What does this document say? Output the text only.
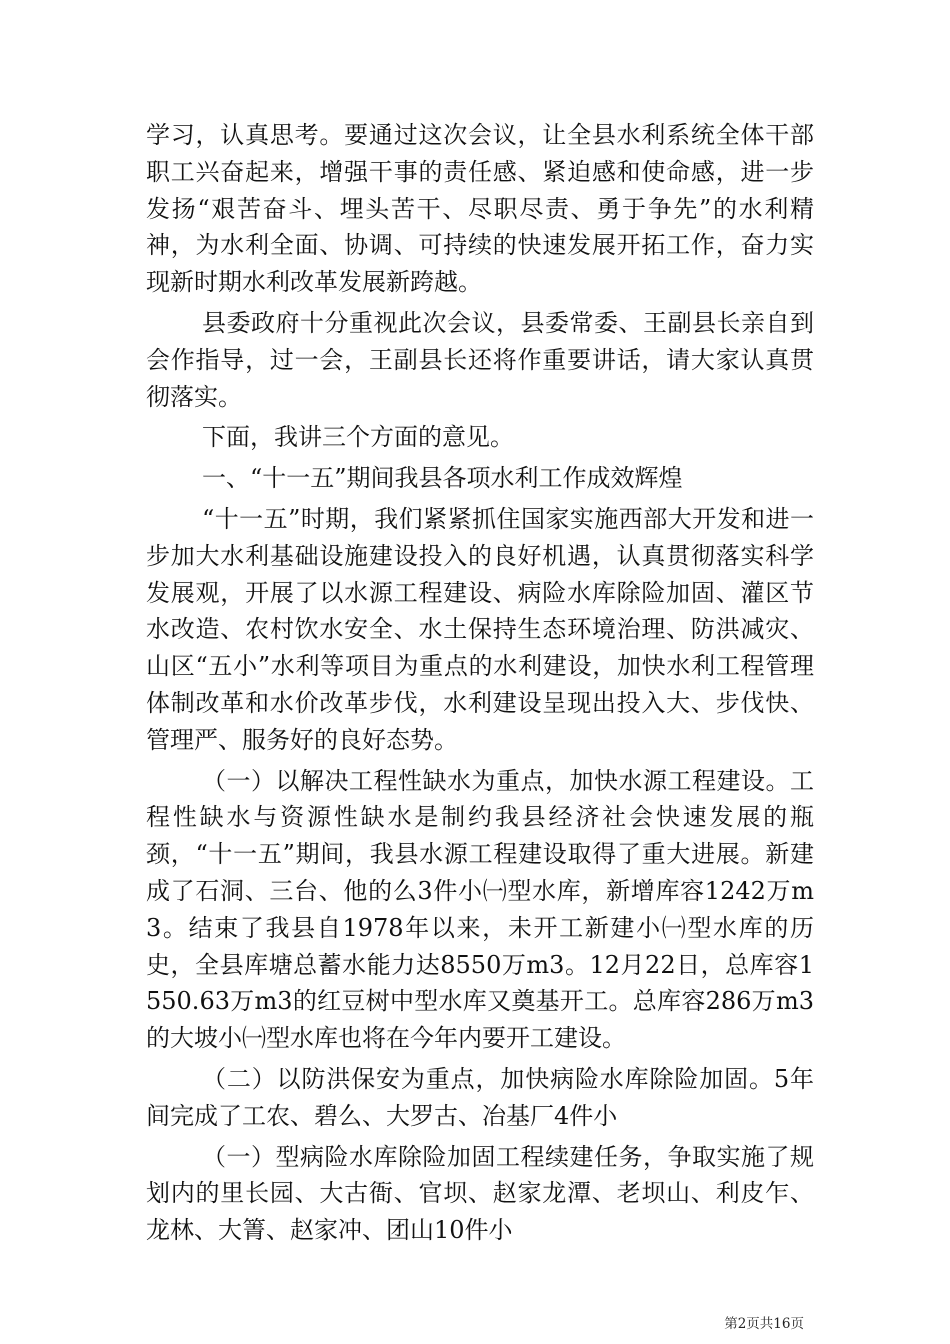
学习，认真思考。要通过这次会议，让全县水利系统全体干部职工兴奋起来，增强干事的责任感、紧迫感和使命感，进一步发扬“艰苦奋斗、埋头苦干、尽职尽责、勇于争先”的水利精神，为水利全面、协调、可持续的快速发展开拓工作，奋力实现新时期水利改革发展新跨越。

县委政府十分重视此次会议，县委常委、王副县长亲自到会作指导，过一会，王副县长还将作重要讲话，请大家认真贯彻落实。

下面，我讲三个方面的意见。

一、“十一五”期间我县各项水利工作成效辉煌

“十一五”时期，我们紧紧抓住国家实施西部大开发和进一步加大水利基础设施建设投入的良好机遇，认真贯彻落实科学发展观，开展了以水源工程建设、病险水库除险加固、灌区节水改造、农村饮水安全、水土保持生态环境治理、防洪减灾、山区“五小”水利等项目为重点的水利建设，加快水利工程管理体制改革和水价改革步伐，水利建设呈现出投入大、步伐快、管理严、服务好的良好态势。

（一）以解决工程性缺水为重点，加快水源工程建设。工程性缺水与资源性缺水是制约我县经济社会快速发展的瓶颈，“十一五”期间，我县水源工程建设取得了重大进展。新建成了石洞、三台、他的么3件小㈠型水库，新增库容1242万m3。结束了我县自1978年以来，未开工新建小㈠型水库的历史，全县库塘总蓄水能力达8550万m3。12月22日，总库容1550.63万m3的红豆树中型水库又奠基开工。总库容286万m3的大坡小㈠型水库也将在今年内要开工建设。

（二）以防洪保安为重点，加快病险水库除险加固。5年间完成了工农、碧么、大罗古、冶基厂4件小

（一）型病险水库除险加固工程续建任务，争取实施了规划内的里长园、大古衙、官坝、赵家龙潭、老坝山、利皮乍、龙林、大箐、赵家冲、团山10件小

第2页共16页
